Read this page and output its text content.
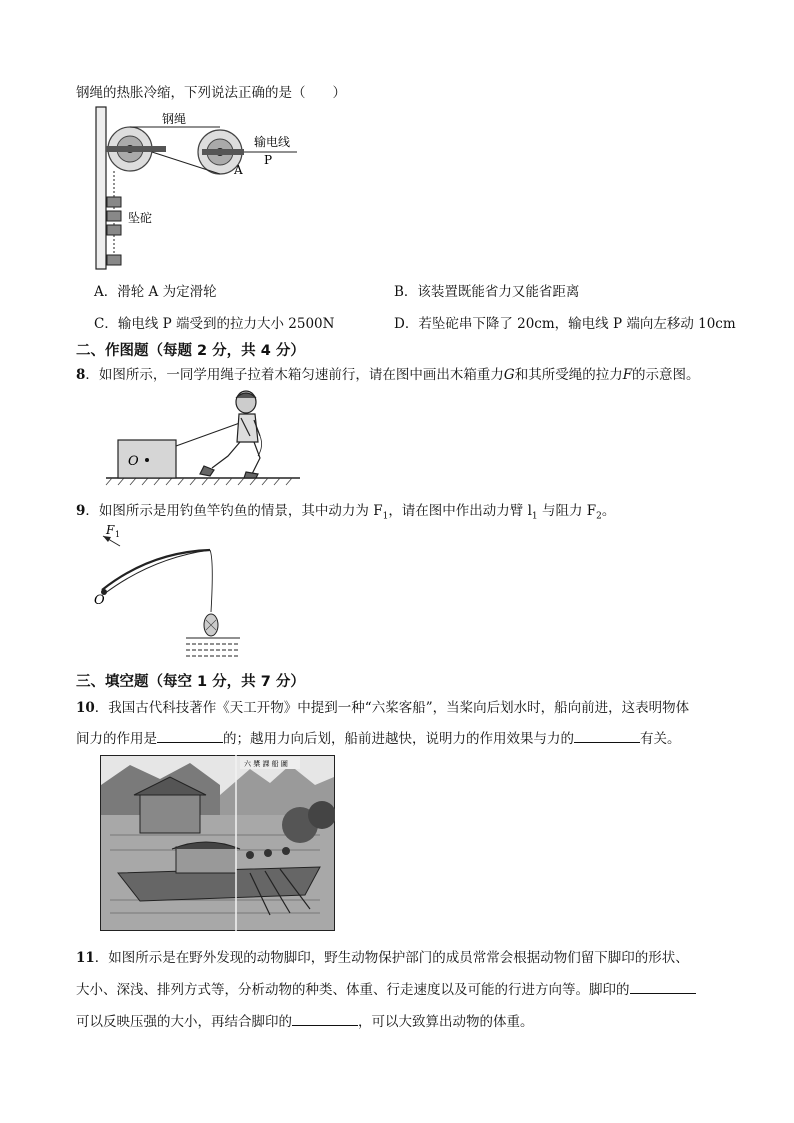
钢绳的热胀冷缩，下列说法正确的是（　　）
钢绳
输电线
P
A
坠砣
A．滑轮 A 为定滑轮	B．该装置既能省力又能省距离
C．输电线 P 端受到的拉力大小 2500N	D．若坠砣串下降了 20cm，输电线 P 端向左移动 10cm
二、作图题（每题 2 分，共 4 分）
8．如图所示，一同学用绳子拉着木箱匀速前行，请在图中画出木箱重力𝐺和其所受绳的拉力𝐹的示意图。
O
9．如图所示是用钓鱼竿钓鱼的情景，其中动力为 $F_1$，请在图中作出动力臂 $l_1$ 与阻力 $F_2$。
F 1
O
三、填空题（每空 1 分，共 7 分）
10．我国古代科技著作《天工开物》中提到一种“六桨客船”，当桨向后划水时，船向前进，这表明物体
间力的作用是	的；越用力向后划，船前进越快，说明力的作用效果与力的	有关。
六 槳 課 船 圖
11．如图所示是在野外发现的动物脚印，野生动物保护部门的成员常常会根据动物们留下脚印的形状、
大小、深浅、排列方式等，分析动物的种类、体重、行走速度以及可能的行进方向等。脚印的
可以反映压强的大小，再结合脚印的	，可以大致算出动物的体重。
